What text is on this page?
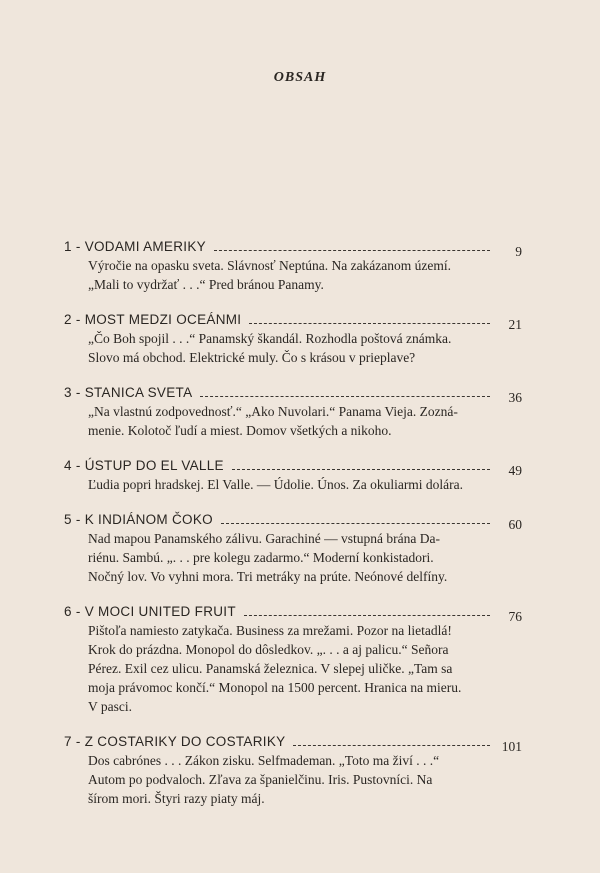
OBSAH
1 - VODAMI AMERIKY	9
Výročie na opasku sveta. Slávnosť Neptúna. Na zakázanom území.
„Mali to vydržať . . .“ Pred bránou Panamy.
2 - MOST MEDZI OCEÁNMI	21
„Čo Boh spojil . . .“ Panamský škandál. Rozhodla poštová známka.
Slovo má obchod. Elektrické muly. Čo s krásou v prieplave?
3 - STANICA SVETA	36
„Na vlastnú zodpovednosť.“ „Ako Nuvolari.“ Panama Vieja. Zozná-
menie. Kolotoč ľudí a miest. Domov všetkých a nikoho.
4 - ÚSTUP DO EL VALLE	49
Ľudia popri hradskej. El Valle. — Údolie. Únos. Za okuliarmi dolára.
5 - K INDIÁNOM ČOKO	60
Nad mapou Panamského zálivu. Garachiné — vstupná brána Da-
riénu. Sambú. „. . . pre kolegu zadarmo.“ Moderní konkistadori.
Nočný lov. Vo vyhni mora. Tri metráky na prúte. Neónové delfíny.
6 - V MOCI UNITED FRUIT	76
Pištoľa namiesto zatykača. Business za mrežami. Pozor na lietadlá!
Krok do prázdna. Monopol do dôsledkov. „. . . a aj palicu.“ Señora
Pérez. Exil cez ulicu. Panamská železnica. V slepej uličke. „Tam sa
moja právomoc končí.“ Monopol na 1500 percent. Hranica na mieru.
V pasci.
7 - Z COSTARIKY DO COSTARIKY	101
Dos cabrónes . . . Zákon zisku. Selfmademan. „Toto ma živí . . .“
Autom po podvaloch. Zľava za španielčinu. Iris. Pustovníci. Na
šírom mori. Štyri razy piaty máj.
